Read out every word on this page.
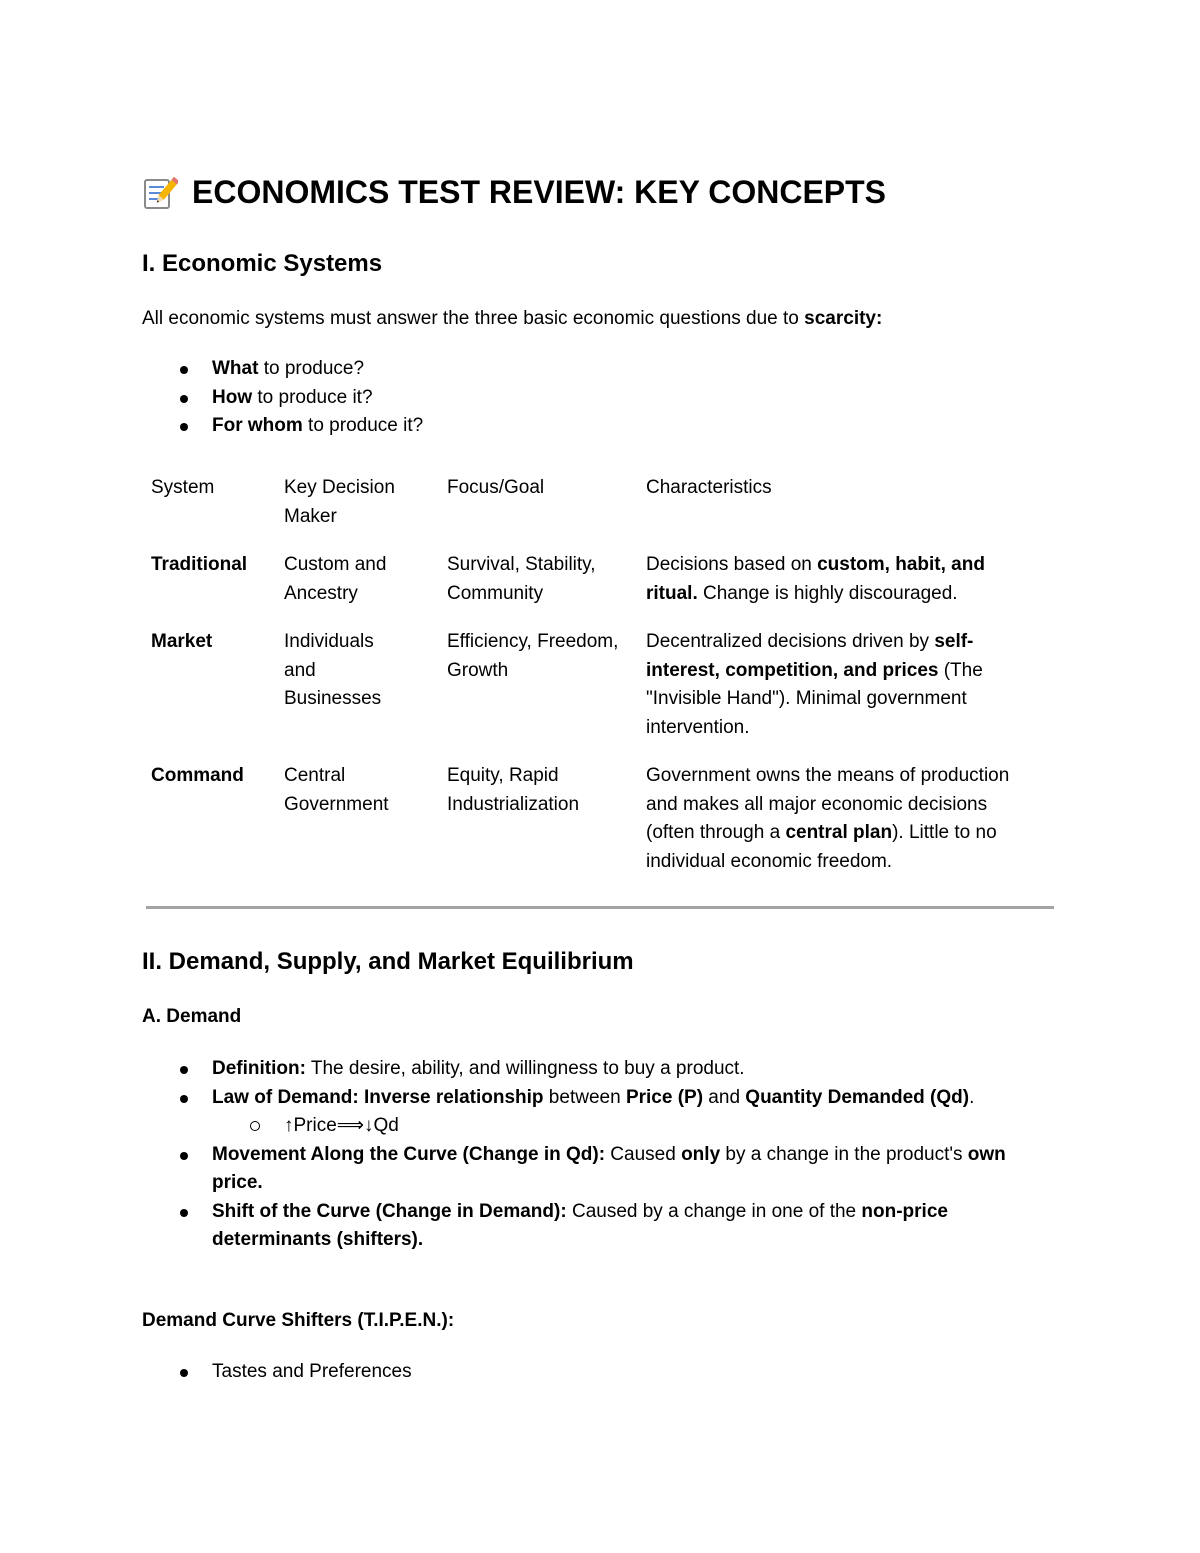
ECONOMICS TEST REVIEW: KEY CONCEPTS
I. Economic Systems

All economic systems must answer the three basic economic questions due to scarcity:

What to produce?
How to produce it?
For whom to produce it?
System	Key Decision Maker	Focus/Goal	Characteristics
Traditional	Custom and Ancestry	Survival, Stability, Community	Decisions based on custom, habit, and ritual. Change is highly discouraged.
Market	Individuals and Businesses	Efficiency, Freedom, Growth	Decentralized decisions driven by self-interest, competition, and prices (The "Invisible Hand"). Minimal government intervention.
Command	Central Government	Equity, Rapid Industrialization	Government owns the means of production and makes all major economic decisions (often through a central plan). Little to no individual economic freedom.
II. Demand, Supply, and Market Equilibrium
A. Demand
Definition: The desire, ability, and willingness to buy a product.
Law of Demand: Inverse relationship between Price (P) and Quantity Demanded (Qd).
↑Price⟹↓Qd
Movement Along the Curve (Change in Qd): Caused only by a change in the product's own price.
Shift of the Curve (Change in Demand): Caused by a change in one of the non-price determinants (shifters).

Demand Curve Shifters (T.I.P.E.N.):

Tastes and Preferences
